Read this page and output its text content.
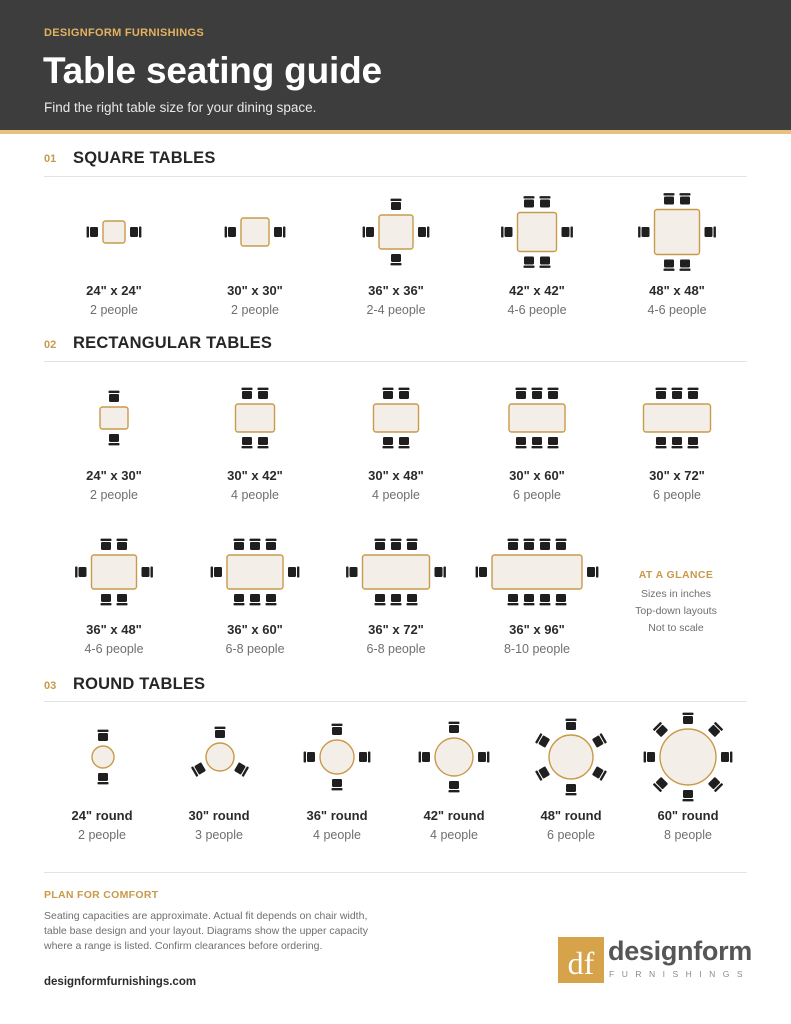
DESIGNFORM FURNISHINGS
Table seating guide
Find the right table size for your dining space.
01 SQUARE TABLES
02 RECTANGULAR TABLES
03 ROUND TABLES
24" x 24"
2 people
30" x 30"
2 people
36" x 36"
2-4 people
42" x 42"
4-6 people
48" x 48"
4-6 people
24" x 30"
2 people
30" x 42"
4 people
30" x 48"
4 people
30" x 60"
6 people
30" x 72"
6 people
36" x 48"
4-6 people
36" x 60"
6-8 people
36" x 72"
6-8 people
36" x 96"
8-10 people
AT A GLANCE
Sizes in inches
Top-down layouts
Not to scale
24" round
2 people
30" round
3 people
36" round
4 people
42" round
4 people
48" round
6 people
60" round
8 people
PLAN FOR COMFORT
Seating capacities are approximate. Actual fit depends on chair width,
table base design and your layout. Diagrams show the upper capacity
where a range is listed. Confirm clearances before ordering.
designformfurnishings.com
df designform
FURNISHINGS
